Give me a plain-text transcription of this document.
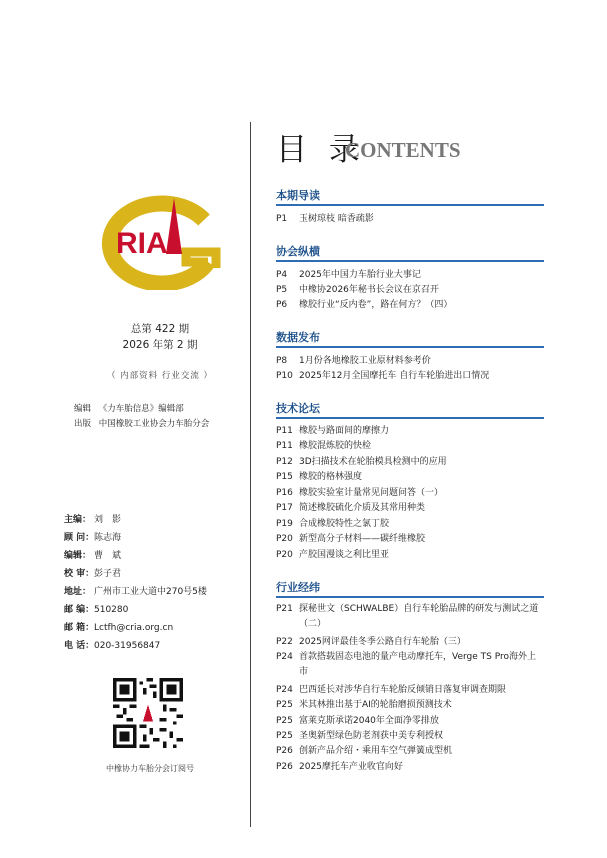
RIA
总第 422 期
2026 年第 2 期
（ 内部资料 行业交流 ）
编辑 《力车胎信息》编辑部
出版 中国橡胶工业协会力车胎分会
主编： 刘　影
顾 问：陈志海
编辑： 曹　斌
校 审：彭子君
地址： 广州市工业大道中270号5楼
邮 编：510280
邮 箱：Lctfh@cria.org.cn
电 话：020-31956847
中橡协力车胎分会订阅号
目 录
CONTENTS
本期导读
P1 玉树琼枝 暗香疏影
协会纵横
P4 2025年中国力车胎行业大事记
P5 中橡协2026年秘书长会议在京召开
P6 橡胶行业“反内卷”，路在何方？（四）
数据发布
P8 1月份各地橡胶工业原材料参考价
P10 2025年12月全国摩托车 自行车轮胎进出口情况
技术论坛
P11 橡胶与路面间的摩擦力
P11 橡胶混炼胶的快检
P12 3D扫描技术在轮胎模具检测中的应用
P15 橡胶的格林强度
P16 橡胶实验室计量常见问题问答（一）
P17 简述橡胶硫化介质及其常用种类
P19 合成橡胶特性之氯丁胶
P20 新型高分子材料——碳纤维橡胶
P20 产胶国漫谈之利比里亚
行业经纬
P21 探秘世文（SCHWALBE）自行车轮胎品牌的研发与测试之道（二）
P22 2025网评最佳冬季公路自行车轮胎（三）
P24 首款搭载固态电池的量产电动摩托车，Verge TS Pro海外上市
P24 巴西延长对涉华自行车轮胎反倾销日落复审调查期限
P25 米其林推出基于AI的轮胎磨损预测技术
P25 富莱克斯承诺2040年全面净零排放
P25 圣奥新型绿色防老剂获中美专利授权
P26 创新产品介绍・乘用车空气弹簧成型机
P26 2025摩托车产业收官向好
